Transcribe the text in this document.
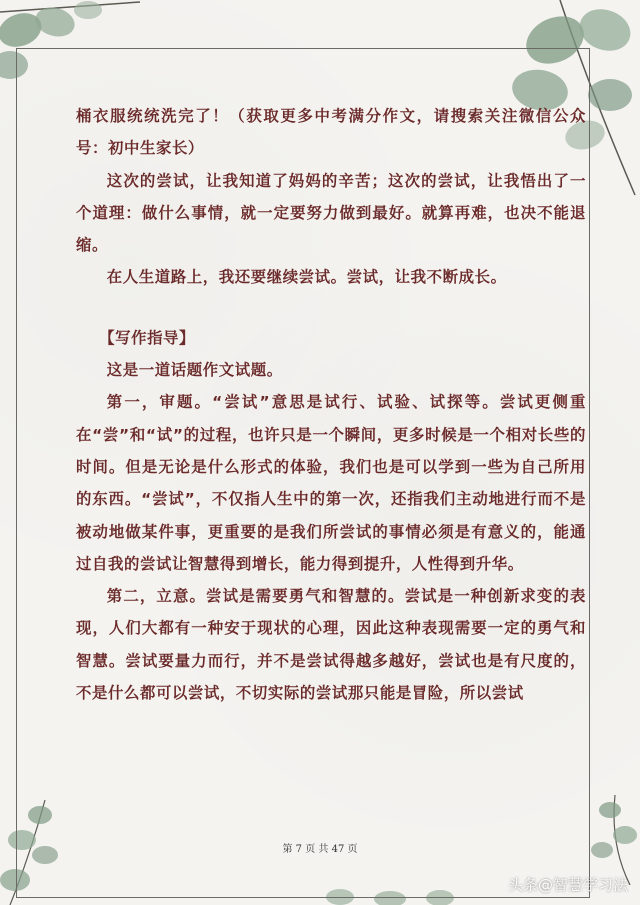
桶衣服统统洗完了！（获取更多中考满分作文，请搜索关注微信公众号：初中生家长）

这次的尝试，让我知道了妈妈的辛苦；这次的尝试，让我悟出了一个道理：做什么事情，就一定要努力做到最好。就算再难，也决不能退缩。

在人生道路上，我还要继续尝试。尝试，让我不断成长。

【写作指导】

这是一道话题作文试题。

第一，审题。“尝试”意思是试行、试验、试探等。尝试更侧重在“尝”和“试”的过程，也许只是一个瞬间，更多时候是一个相对长些的时间。但是无论是什么形式的体验，我们也是可以学到一些为自己所用的东西。“尝试”，不仅指人生中的第一次，还指我们主动地进行而不是被动地做某件事，更重要的是我们所尝试的事情必须是有意义的，能通过自我的尝试让智慧得到增长，能力得到提升，人性得到升华。

第二，立意。尝试是需要勇气和智慧的。尝试是一种创新求变的表现，人们大都有一种安于现状的心理，因此这种表现需要一定的勇气和智慧。尝试要量力而行，并不是尝试得越多越好，尝试也是有尺度的，不是什么都可以尝试，不切实际的尝试那只能是冒险，所以尝试

第 7 页 共 47 页
头条@智慧学习法
